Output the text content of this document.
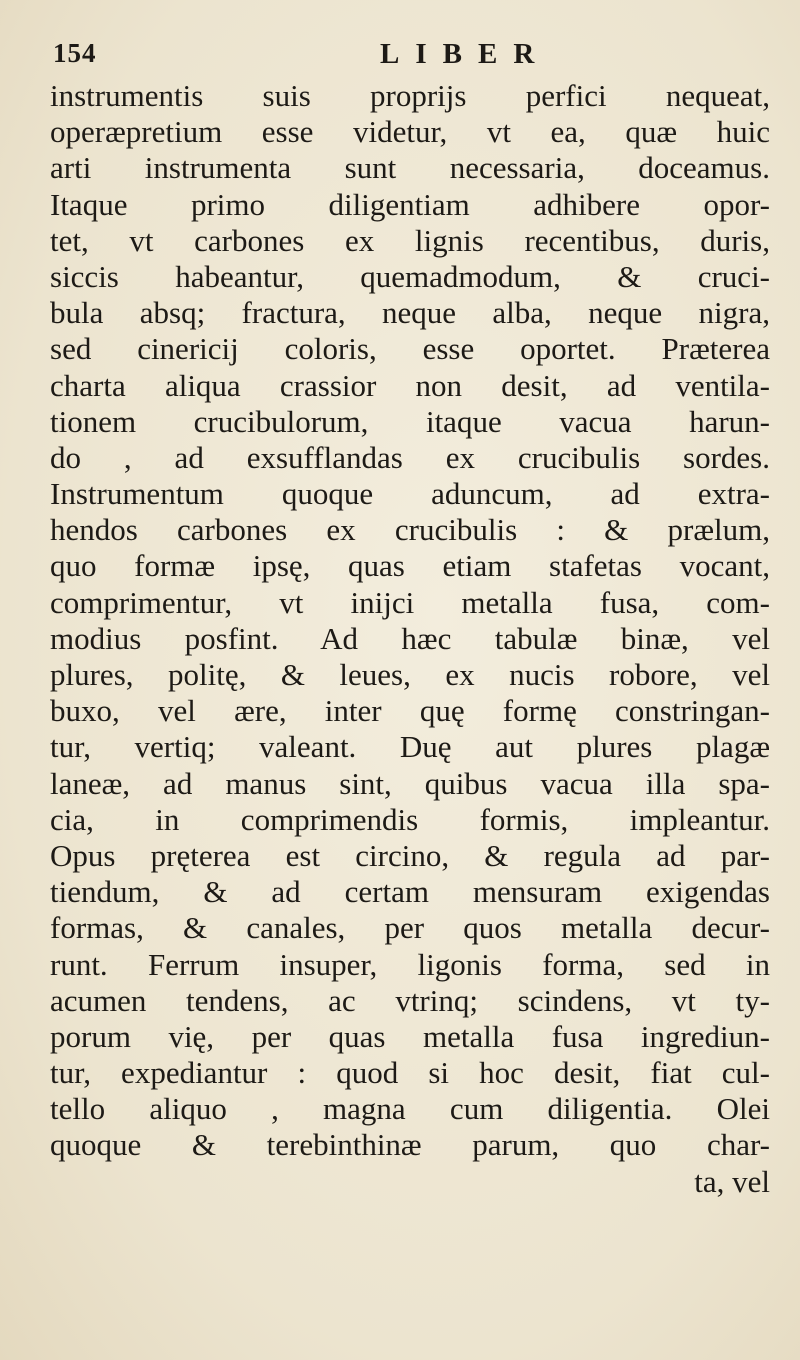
154	LIBER
instrumentis suis proprijs perfici nequeat,
operæpretium esse videtur, vt ea, quæ huic
arti instrumenta sunt necessaria, doceamus.
Itaque primo diligentiam adhibere opor-
tet, vt carbones ex lignis recentibus, duris,
siccis habeantur, quemadmodum, & cruci-
bula absq; fractura, neque alba, neque nigra,
sed cinericij coloris, esse oportet. Præterea
charta aliqua crassior non desit, ad ventila-
tionem crucibulorum, itaque vacua harun-
do , ad exsufflandas ex crucibulis sordes.
Instrumentum quoque aduncum, ad extra-
hendos carbones ex crucibulis : & prælum,
quo formæ ipsę, quas etiam stafetas vocant,
comprimentur, vt inijci metalla fusa, com-
modius posfint. Ad hæc tabulæ binæ, vel
plures, politę, & leues, ex nucis robore, vel
buxo, vel ære, inter quę formę constringan-
tur, vertiq; valeant. Duę aut plures plagæ
laneæ, ad manus sint, quibus vacua illa spa-
cia, in comprimendis formis, impleantur.
Opus pręterea est circino, & regula ad par-
tiendum, & ad certam mensuram exigendas
formas, & canales, per quos metalla decur-
runt. Ferrum insuper, ligonis forma, sed in
acumen tendens, ac vtrinq; scindens, vt ty-
porum vię, per quas metalla fusa ingrediun-
tur, expediantur : quod si hoc desit, fiat cul-
tello aliquo , magna cum diligentia. Olei
quoque & terebinthinæ parum, quo char-
ta, vel
